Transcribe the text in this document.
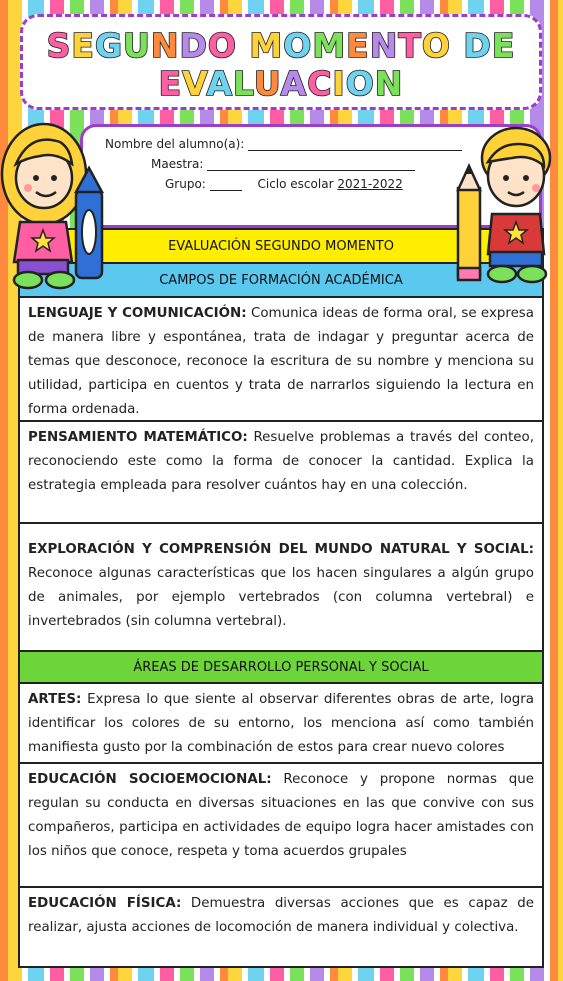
SEGUNDO MOMENTO DE
EVALUACION
Nombre del alumno(a):
Maestra:
Grupo:	Ciclo escolar 2021-2022
EVALUACIÓN SEGUNDO MOMENTO
CAMPOS DE FORMACIÓN ACADÉMICA
LENGUAJE Y COMUNICACIÓN: Comunica ideas de forma oral, se expresa de manera libre y espontánea, trata de indagar y preguntar acerca de temas que desconoce, reconoce la escritura de su nombre y menciona su utilidad, participa en cuentos y trata de narrarlos siguiendo la lectura en forma ordenada.
PENSAMIENTO MATEMÁTICO: Resuelve problemas a través del conteo, reconociendo este como la forma de conocer la cantidad. Explica la estrategia empleada para resolver cuántos hay en una colección.
EXPLORACIÓN Y COMPRENSIÓN DEL MUNDO NATURAL Y SOCIAL: Reconoce algunas características que los hacen singulares a algún grupo de animales, por ejemplo vertebrados (con columna vertebral) e invertebrados (sin columna vertebral).
ÁREAS DE DESARROLLO PERSONAL Y SOCIAL
ARTES: Expresa lo que siente al observar diferentes obras de arte, logra identificar los colores de su entorno, los menciona así como también manifiesta gusto por la combinación de estos para crear nuevo colores
EDUCACIÓN SOCIOEMOCIONAL: Reconoce y propone normas que regulan su conducta en diversas situaciones en las que convive con sus compañeros, participa en actividades de equipo logra hacer amistades con los niños que conoce, respeta y toma acuerdos grupales
EDUCACIÓN FÍSICA: Demuestra diversas acciones que es capaz de realizar, ajusta acciones de locomoción de manera individual y colectiva.
